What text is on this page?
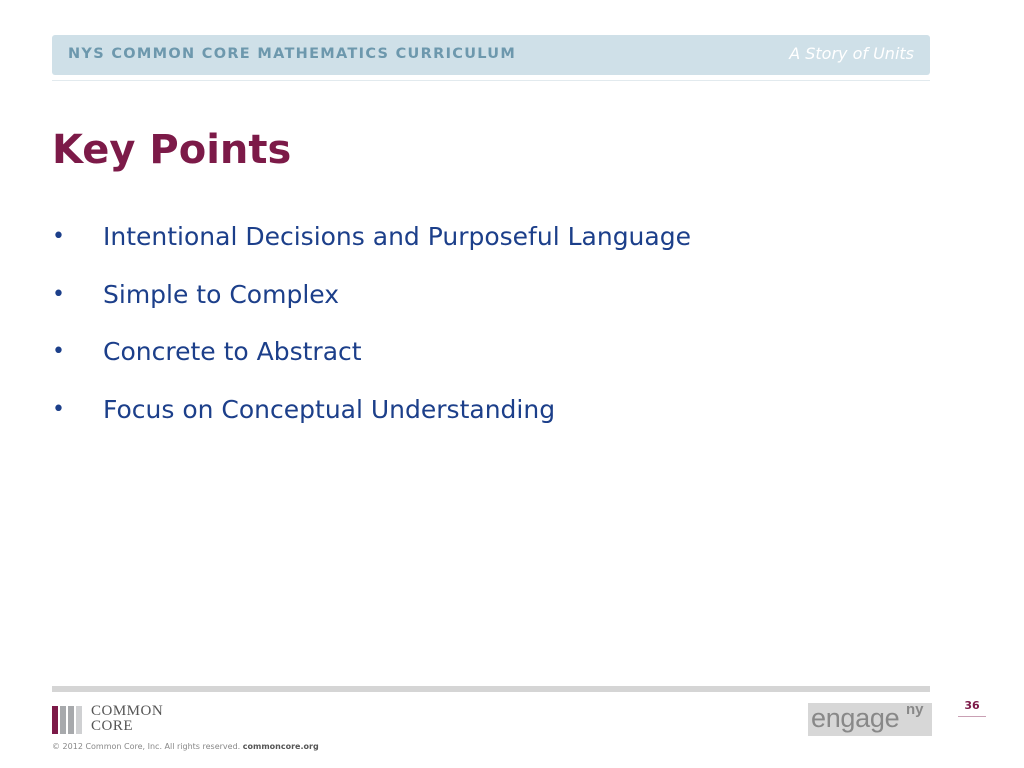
NYS COMMON CORE MATHEMATICS CURRICULUM	A Story of Units
Key Points
• Intentional Decisions and Purposeful Language
• Simple to Complex
• Concrete to Abstract
• Focus on Conceptual Understanding
COMMON
CORE
© 2012 Common Core, Inc. All rights reserved. commoncore.org
engage ny	36
